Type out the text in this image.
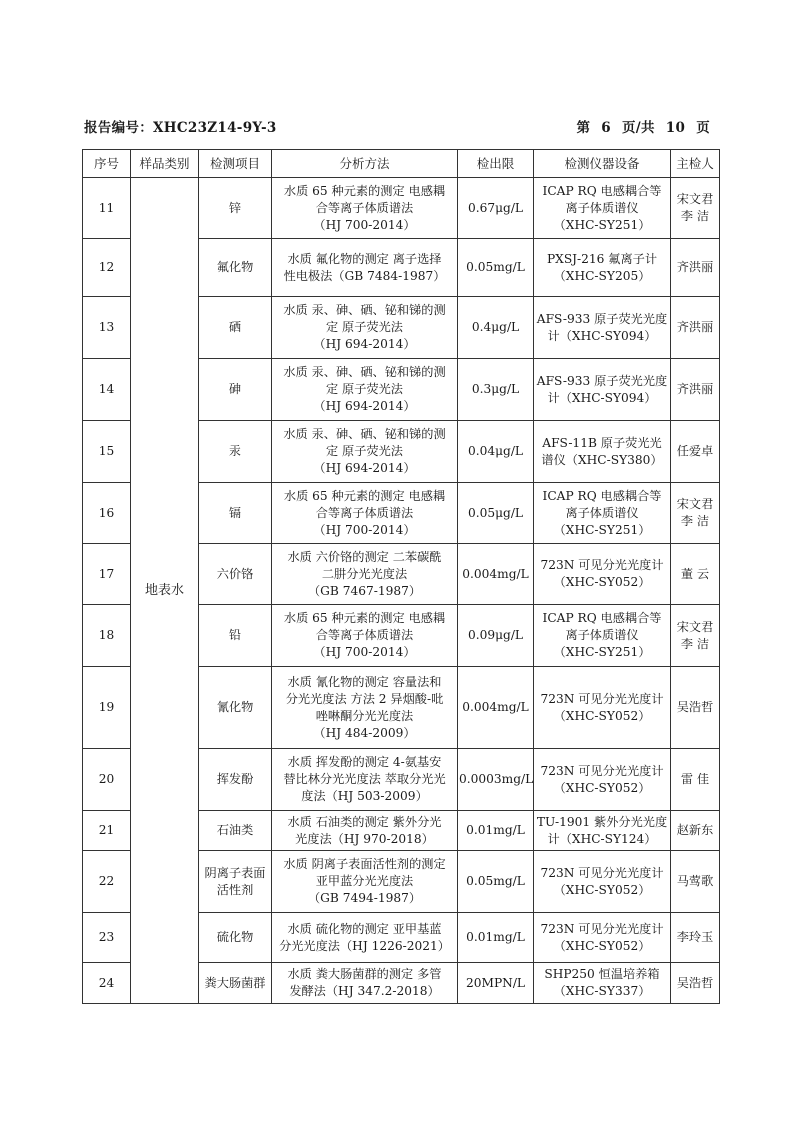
报告编号：XHC23Z14-9Y-3	第 6 页/共 10 页
序号	样品类别	检测项目	分析方法	检出限	检测仪器设备	主检人
11	地表水	锌	水质 65 种元素的测定 电感耦
合等离子体质谱法
（HJ 700-2014）	0.67μg/L	ICAP RQ 电感耦合等
离子体质谱仪
（XHC-SY251）	宋文君
李 洁

12		氟化物	水质 氟化物的测定 离子选择
性电极法（GB 7484-1987）	0.05mg/L	PXSJ-216 氟离子计
（XHC-SY205）	齐洪丽

13		硒	水质 汞、砷、硒、铋和锑的测
定 原子荧光法
（HJ 694-2014）	0.4μg/L	AFS-933 原子荧光光度
计（XHC-SY094）	齐洪丽

14		砷	水质 汞、砷、硒、铋和锑的测
定 原子荧光法
（HJ 694-2014）	0.3μg/L	AFS-933 原子荧光光度
计（XHC-SY094）	齐洪丽

15		汞	水质 汞、砷、硒、铋和锑的测
定 原子荧光法
（HJ 694-2014）	0.04μg/L	AFS-11B 原子荧光光
谱仪（XHC-SY380）	任爱卓

16		镉	水质 65 种元素的测定 电感耦
合等离子体质谱法
（HJ 700-2014）	0.05μg/L	ICAP RQ 电感耦合等
离子体质谱仪
（XHC-SY251）	宋文君
李 洁

17		六价铬	水质 六价铬的测定 二苯碳酰
二肼分光光度法
（GB 7467-1987）	0.004mg/L	723N 可见分光光度计
（XHC-SY052）	董 云

18		铅	水质 65 种元素的测定 电感耦
合等离子体质谱法
（HJ 700-2014）	0.09μg/L	ICAP RQ 电感耦合等
离子体质谱仪
（XHC-SY251）	宋文君
李 洁

19		氰化物	水质 氰化物的测定 容量法和
分光光度法 方法 2 异烟酸-吡
唑啉酮分光光度法
（HJ 484-2009）	0.004mg/L	723N 可见分光光度计
（XHC-SY052）	吴浩哲

20		挥发酚	水质 挥发酚的测定 4-氨基安
替比林分光光度法 萃取分光光
度法（HJ 503-2009）	0.0003mg/L	723N 可见分光光度计
（XHC-SY052）	雷 佳

21		石油类	水质 石油类的测定 紫外分光
光度法（HJ 970-2018）	0.01mg/L	TU-1901 紫外分光光度
计（XHC-SY124）	赵新东

22		阴离子表面活性剂	水质 阴离子表面活性剂的测定
亚甲蓝分光光度法
（GB 7494-1987）	0.05mg/L	723N 可见分光光度计
（XHC-SY052）	马莺歌

23		硫化物	水质 硫化物的测定 亚甲基蓝
分光光度法（HJ 1226-2021）	0.01mg/L	723N 可见分光光度计
（XHC-SY052）	李玲玉

24		粪大肠菌群	水质 粪大肠菌群的测定 多管
发酵法（HJ 347.2-2018）	20MPN/L	SHP250 恒温培养箱
（XHC-SY337）	吴浩哲
